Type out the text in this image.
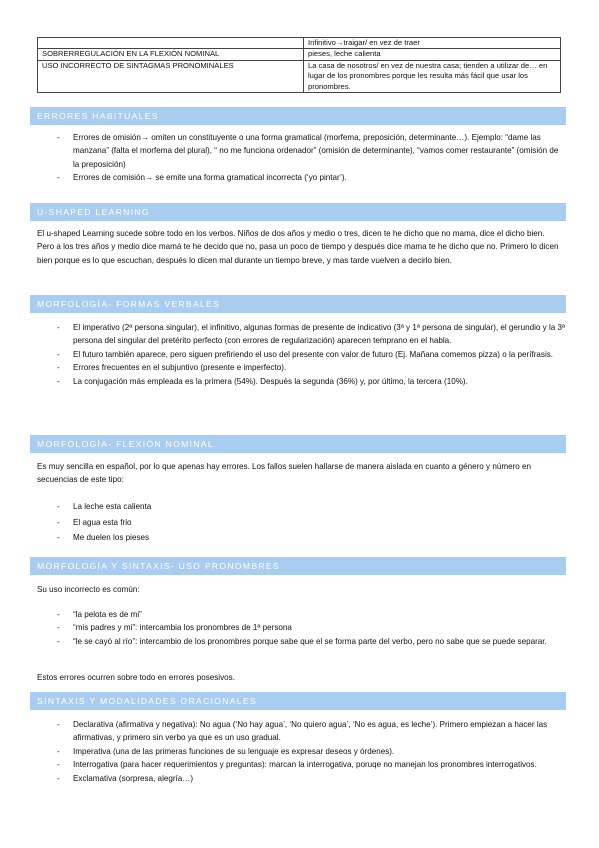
	Infinitivo→traigar/ en vez de traer
SOBRERREGULACIÓN EN LA FLEXIÓN NOMINAL	pieses, leche calienta
USO INCORRECTO DE SINTAGMAS PRONOMINALES	La casa de nosotros/ en vez de nuestra casa; tienden a utilizar de… en lugar de los pronombres porque les resulta más fácil que usar los pronombres.
ERRORES HABITUALES
- Errores de omisión→ omiten un constituyente o una forma gramatical (morfema, preposición, determinante…). Ejemplo: “dame las manzana” (falta el morfema del plural), “ no me funciona ordenador” (omisión de determinante), “vamos comer restaurante” (omisión de la preposición)
- Errores de comisión→ se emite una forma gramatical incorrecta (‘yo pintar’).
U-SHAPED LEARNING

El u-shaped Learning sucede sobre todo en los verbos. Niños de dos años y medio o tres, dicen te he dicho que no mama, dice el dicho bien. Pero a los tres años y medio dice mamá te he decido que no, pasa un poco de tiempo y después dice mama te he dicho que no. Primero lo dicen bien porque es lo que escuchan, después lo dicen mal durante un tiempo breve, y mas tarde vuelven a decirlo bien.

MORFOLOGÍA- FORMAS VERBALES
- El imperativo (2ª persona singular), el infinitivo, algunas formas de presente de indicativo (3ª y 1ª persona de singular), el gerundio y la 3ª persona del singular del pretérito perfecto (con errores de regularización) aparecen temprano en el habla.
- El futuro también aparece, pero siguen prefiriendo el uso del presente con valor de futuro (Ej. Mañana comemos pizza) o la perífrasis.
- Errores frecuentes en el subjuntivo (presente e imperfecto).
- La conjugación más empleada es la primera (54%). Después la segunda (36%) y, por último, la tercera (10%).
MORFOLOGÍA- FLEXIÓN NOMINAL

Es muy sencilla en español, por lo que apenas hay errores. Los fallos suelen hallarse de manera aislada en cuanto a género y número en secuencias de este tipo:

- La leche esta calienta
- El agua esta frio
- Me duelen los pieses
MORFOLOGÍA Y SINTAXIS- USO PRONOMBRES

Su uso incorrecto es común:

- “la pelota es de mi”
- “mis padres y mi”: intercambia los pronombres de 1ª persona
- “le se cayó al río”: intercambio de los pronombres porque sabe que el se forma parte del verbo, pero no sabe que se puede separar.

Estos errores ocurren sobre todo en errores posesivos.

SINTAXIS Y MODALIDADES ORACIONALES
- Declarativa (afirmativa y negativa): No agua (‘No hay agua’, ‘No quiero agua’, ‘No es agua, es leche’). Primero empiezan a hacer las afirmativas, y primero sin verbo ya que es un uso gradual.
- Imperativa (una de las primeras funciones de su lenguaje es expresar deseos y órdenes).
- Interrogativa (para hacer requerimientos y preguntas): marcan la interrogativa, poruqe no manejan los pronombres interrogativos.
- Exclamativa (sorpresa, alegría…)
